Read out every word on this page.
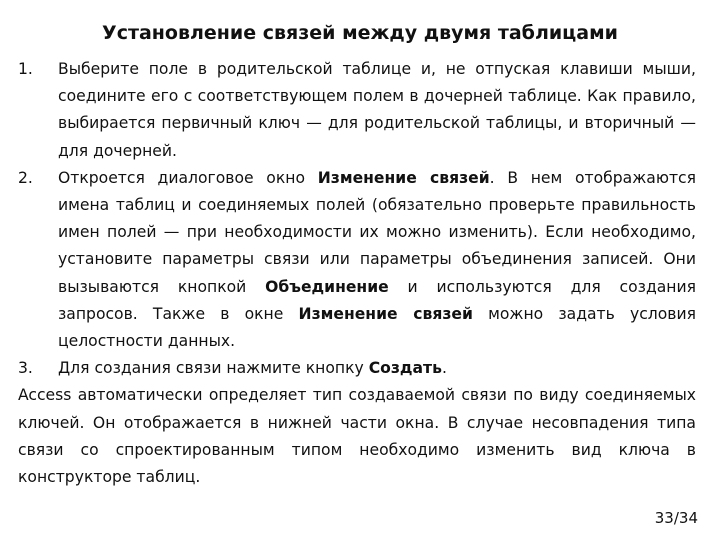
Установление связей между двумя таблицами
1.	Выберите поле в родительской таблице и, не отпуская клавиши мыши, соедините его с соответствующем полем в дочерней таблице. Как правило, выбирается первичный ключ — для родительской таблицы, и вторичный — для дочерней.
2.	Откроется диалоговое окно Изменение связей. В нем отображаются имена таблиц и соединяемых полей (обязательно проверьте правильность имен полей — при необходимости их можно изменить). Если необходимо, установите параметры связи или параметры объединения записей. Они вызываются кнопкой Объединение и используются для создания запросов. Также в окне Изменение связей можно задать условия целостности данных.
3.	Для создания связи нажмите кнопку Создать.
Access автоматически определяет тип создаваемой связи по виду соединяемых ключей. Он отображается в нижней части окна. В случае несовпадения типа связи со спроектированным типом необходимо изменить вид ключа в конструкторе таблиц.
33/34
